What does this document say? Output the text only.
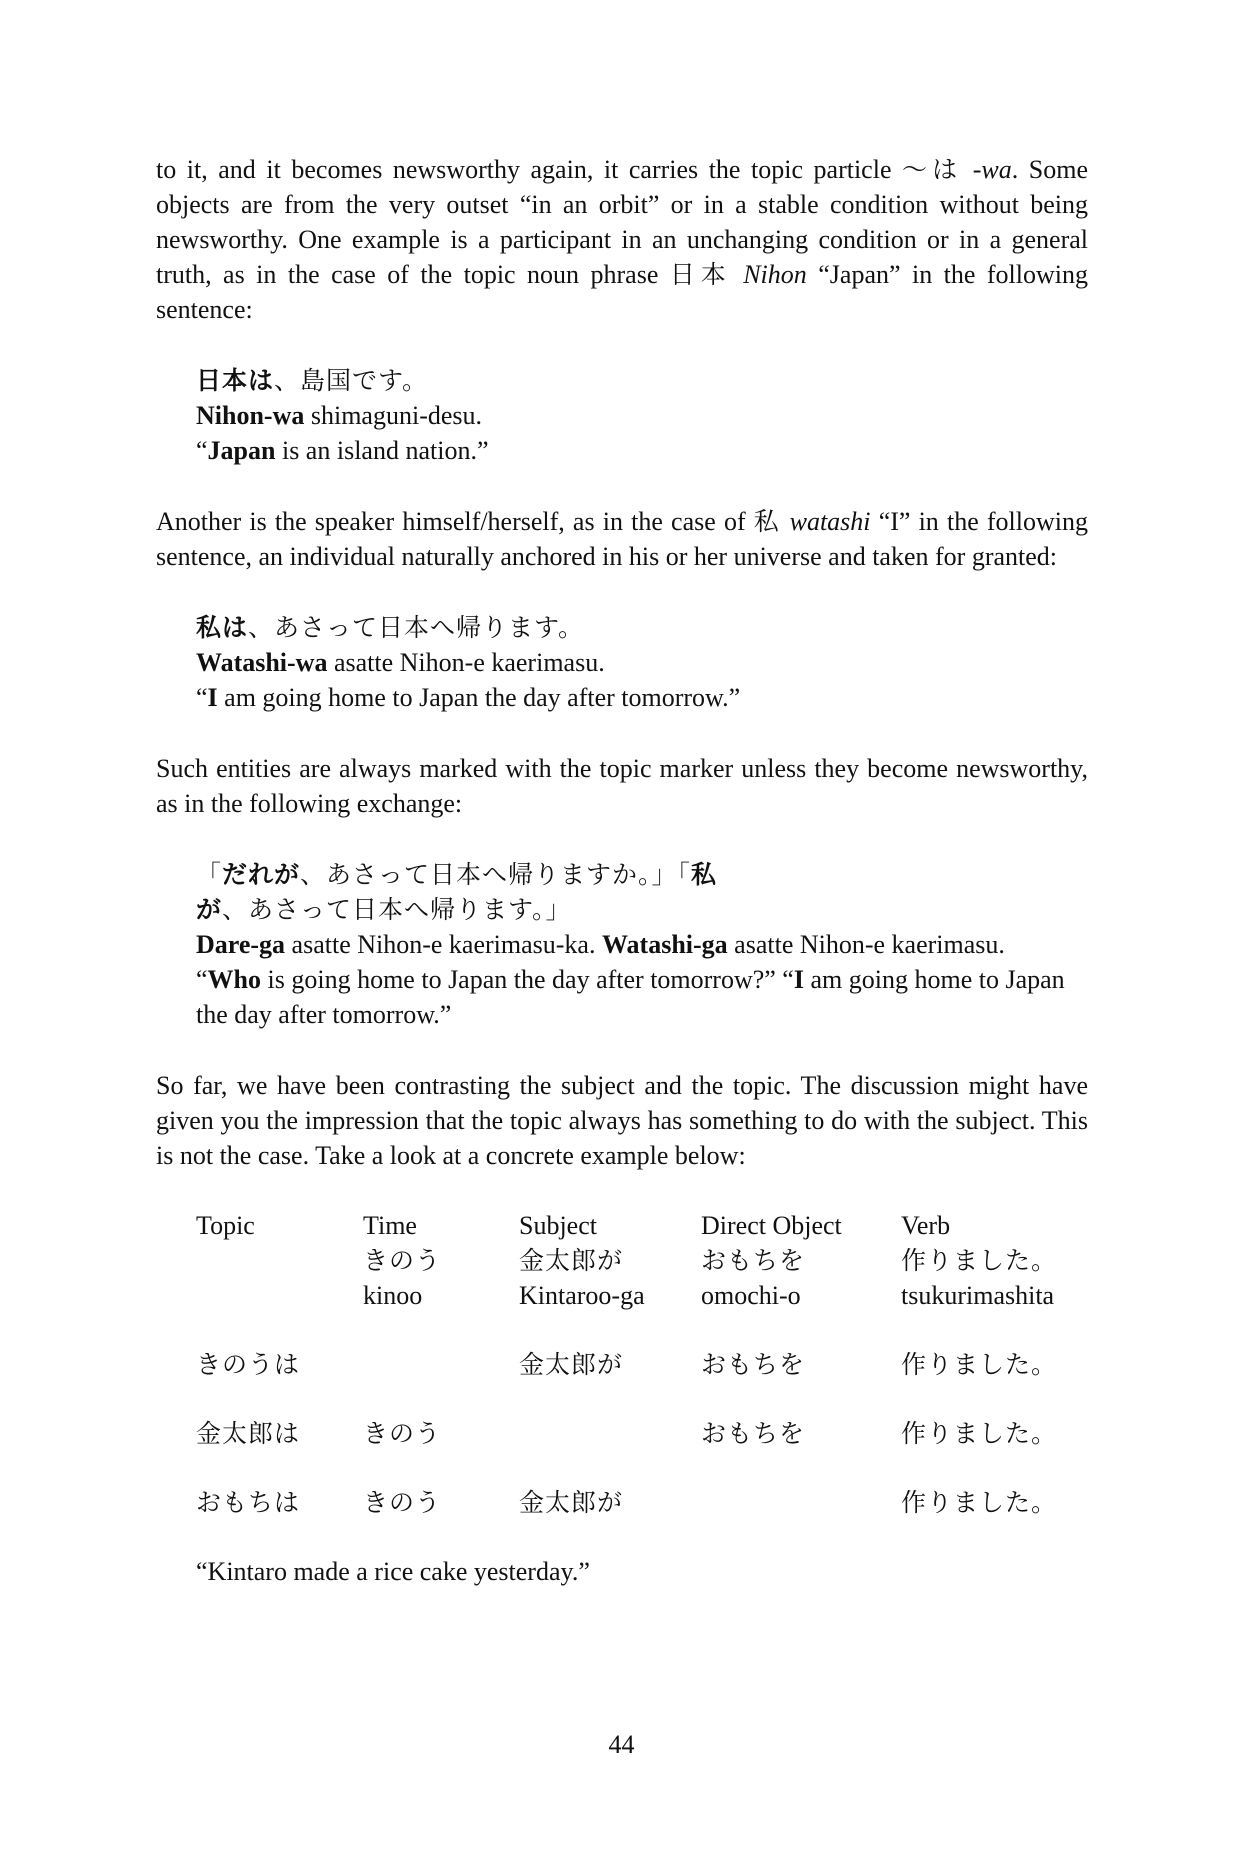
to it, and it becomes newsworthy again, it carries the topic particle 〜は -wa. Some objects are from the very outset “in an orbit” or in a stable condition without being newsworthy. One example is a participant in an unchanging condition or in a general truth, as in the case of the topic noun phrase 日本 Nihon “Japan” in the following sentence:

日本は、島国です。

Nihon-wa shimaguni-desu.

“Japan is an island nation.”

Another is the speaker himself/herself, as in the case of 私 watashi “I” in the following sentence, an individual naturally anchored in his or her universe and taken for granted:

私は、あさって日本へ帰ります。

Watashi-wa asatte Nihon-e kaerimasu.

“I am going home to Japan the day after tomorrow.”

Such entities are always marked with the topic marker unless they become newsworthy, as in the following exchange:

「だれが、あさって日本へ帰りますか。」「私が、あさって日本へ帰ります。」

Dare-ga asatte Nihon-e kaerimasu-ka. Watashi-ga asatte Nihon-e kaerimasu.

“Who is going home to Japan the day after tomorrow?” “I am going home to Japan the day after tomorrow.”

So far, we have been contrasting the subject and the topic. The discussion might have given you the impression that the topic always has something to do with the subject. This is not the case. Take a look at a concrete example below:

Topic	Time	Subject	Direct Object	Verb
	きのう	金太郎が	おもちを	作りました。
	kinoo	Kintaroo-ga	omochi-o	tsukurimashita

きのうは		金太郎が	おもちを	作りました。

金太郎は	きのう		おもちを	作りました。

おもちは	きのう	金太郎が		作りました。

“Kintaro made a rice cake yesterday.”				
44
